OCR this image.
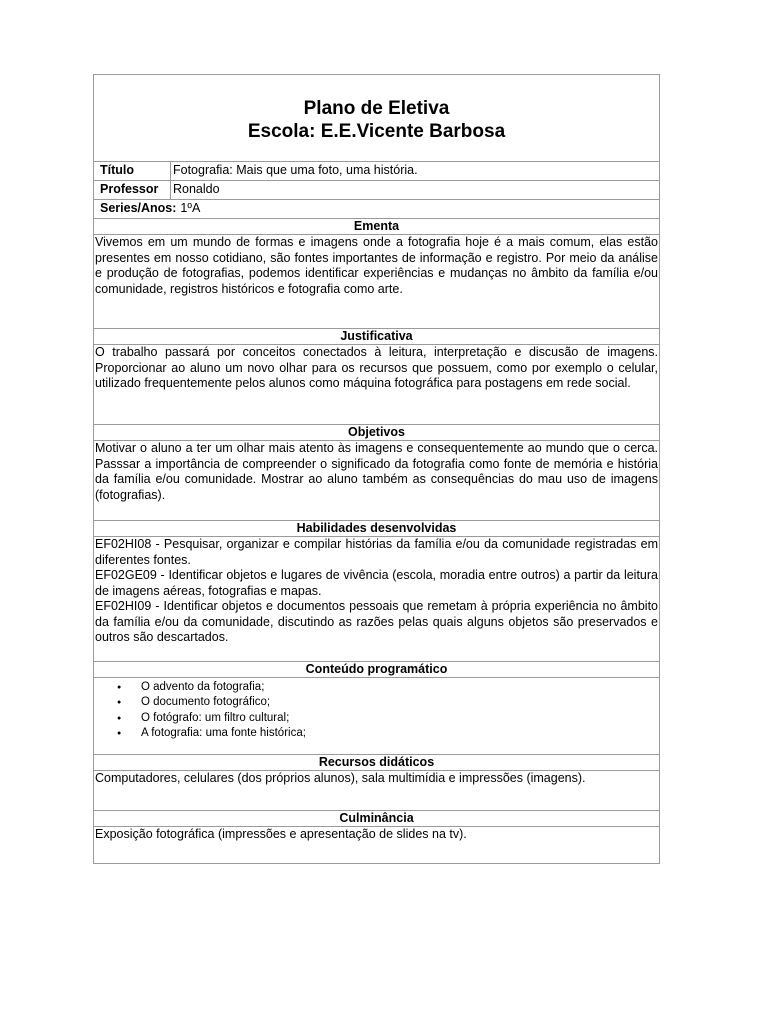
Plano de Eletiva
Escola: E.E.Vicente Barbosa
Título	Fotografia: Mais que uma foto, uma história.
Professor	Ronaldo
Series/Anos: 1ºA
Ementa

Vivemos em um mundo de formas e imagens onde a fotografia hoje é a mais comum, elas estão presentes em nosso cotidiano, são fontes importantes de informação e registro. Por meio da análise e produção de fotografias, podemos identificar experiências e mudanças no âmbito da família e/ou comunidade, registros históricos e fotografia como arte.

Justificativa

O trabalho passará por conceitos conectados à leitura, interpretação e discusão de imagens. Proporcionar ao aluno um novo olhar para os recursos que possuem, como por exemplo o celular, utilizado frequentemente pelos alunos como máquina fotográfica para postagens em rede social.

Objetivos

Motivar o aluno a ter um olhar mais atento às imagens e consequentemente ao mundo que o cerca. Passsar a importância de compreender o significado da fotografia como fonte de memória e história da família e/ou comunidade. Mostrar ao aluno também as consequências do mau uso de imagens (fotografias).

Habilidades desenvolvidas

EF02HI08 - Pesquisar, organizar e compilar histórias da família e/ou da comunidade registradas em diferentes fontes.

EF02GE09 - Identificar objetos e lugares de vivência (escola, moradia entre outros) a partir da leitura de imagens aéreas, fotografias e mapas.

EF02HI09 - Identificar objetos e documentos pessoais que remetam à própria experiência no âmbito da família e/ou da comunidade, discutindo as razões pelas quais alguns objetos são preservados e outros são descartados.

Conteúdo programático
● O advento da fotografia;
● O documento fotográfico;
● O fotógrafo: um filtro cultural;
● A fotografia: uma fonte histórica;
Recursos didáticos

Computadores, celulares (dos próprios alunos), sala multimídia e impressões (imagens).

Culminância

Exposição fotográfica (impressões e apresentação de slides na tv).
